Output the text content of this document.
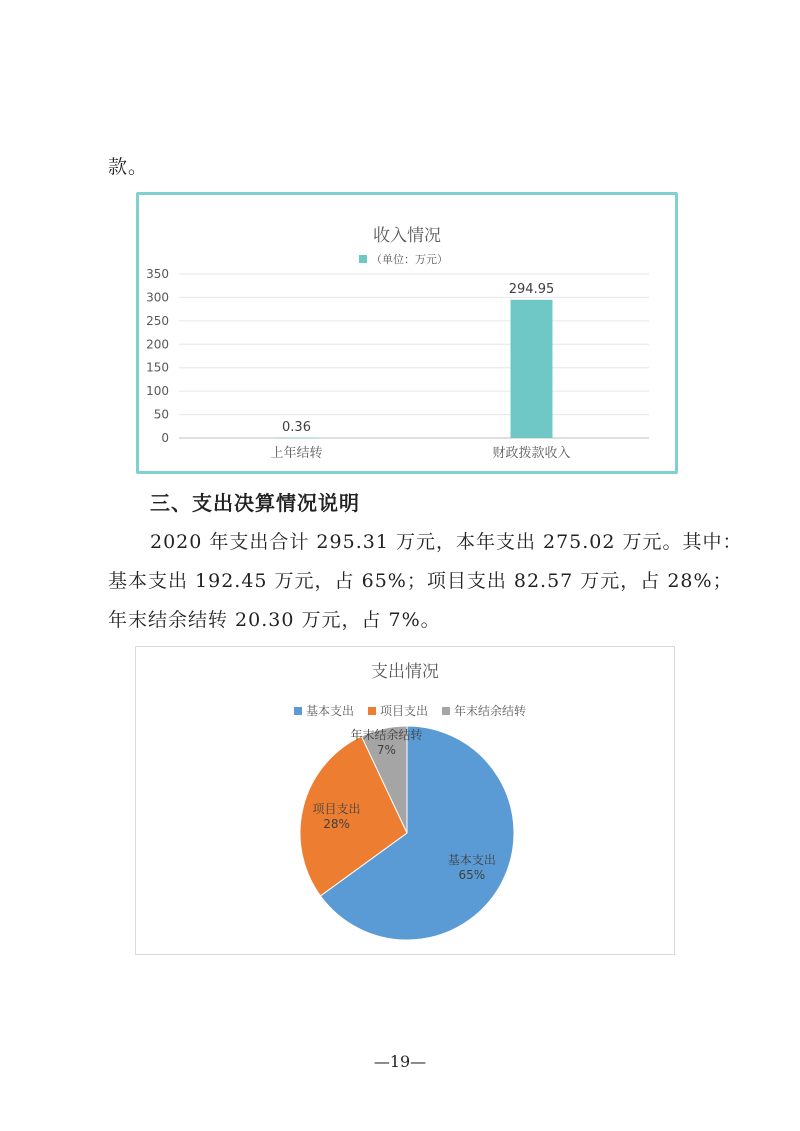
款。
收入情况
（单位：万元）
0
50
100
150
200
250
300
350
0.36
294.95
上年结转	财政拨款收入
三、支出决算情况说明
2020 年支出合计 295.31 万元，本年支出 275.02 万元。其中：
基本支出 192.45 万元，占 65%；项目支出 82.57 万元，占 28%；
年末结余结转 20.30 万元，占 7%。
支出情况
基本支出 项目支出 年末结余结转
基本支出
65%
项目支出
28%
年末结余结转
7%
—19—
